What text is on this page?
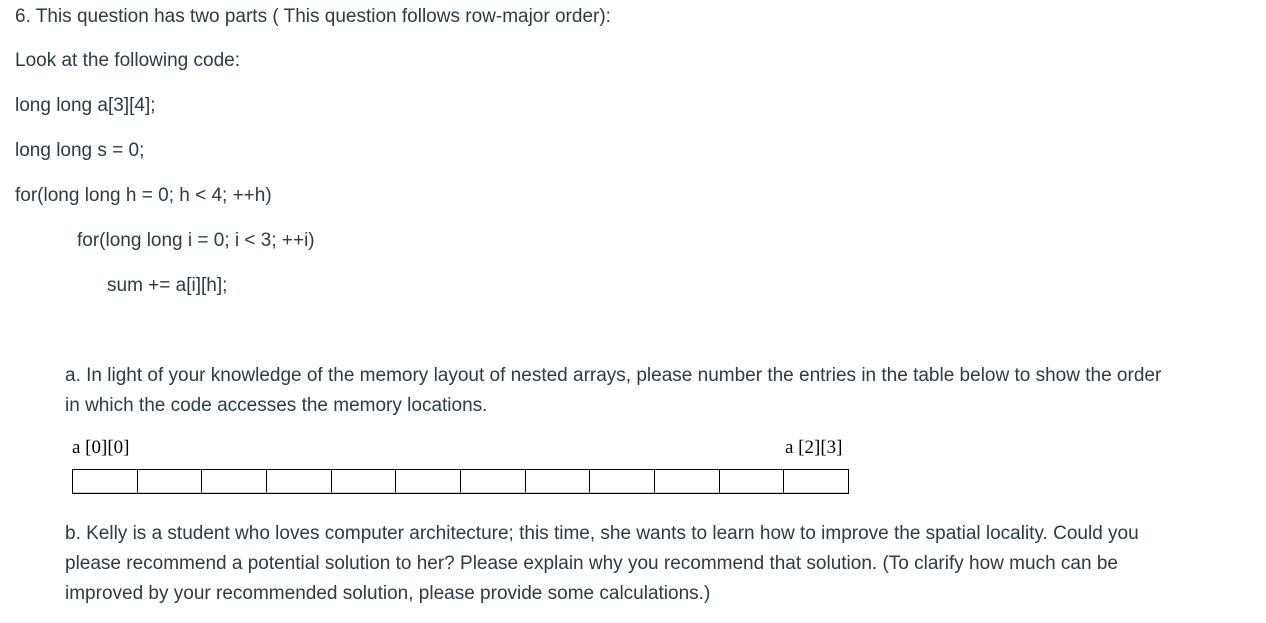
6. This question has two parts ( This question follows row-major order):
Look at the following code:
long long a[3][4];
long long s = 0;
for(long long h = 0; h < 4; ++h)
for(long long i = 0; i < 3; ++i)
sum += a[i][h];
a. In light of your knowledge of the memory layout of nested arrays, please number the entries in the table below to show the order in which the code accesses the memory locations.
a [0][0]	a [2][3]
b. Kelly is a student who loves computer architecture; this time, she wants to learn how to improve the spatial locality. Could you please recommend a potential solution to her? Please explain why you recommend that solution. (To clarify how much can be improved by your recommended solution, please provide some calculations.)
